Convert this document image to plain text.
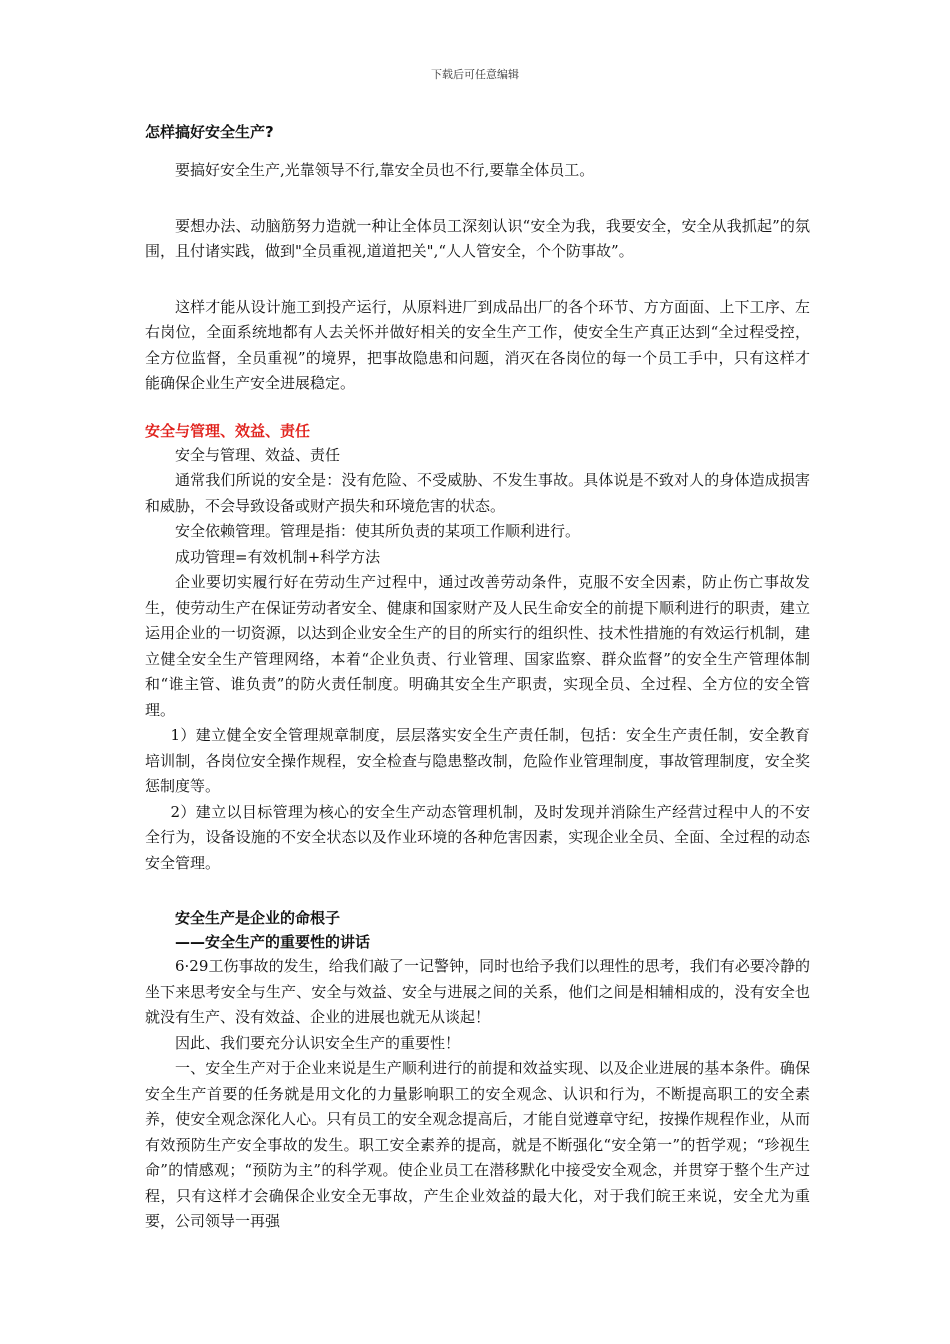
下载后可任意编辑

怎样搞好安全生产?

要搞好安全生产,光靠领导不行,靠安全员也不行,要靠全体员工。

要想办法、动脑筋努力造就一种让全体员工深刻认识“安全为我，我要安全，安全从我抓起”的氛围，且付诸实践，做到"全员重视,道道把关",“人人管安全，个个防事故”。

这样才能从设计施工到投产运行，从原料进厂到成品出厂的各个环节、方方面面、上下工序、左右岗位，全面系统地都有人去关怀并做好相关的安全生产工作，使安全生产真正达到“全过程受控，全方位监督，全员重视”的境界，把事故隐患和问题，消灭在各岗位的每一个员工手中，只有这样才能确保企业生产安全进展稳定。

安全与管理、效益、责任

安全与管理、效益、责任

通常我们所说的安全是：没有危险、不受威胁、不发生事故。具体说是不致对人的身体造成损害和威胁，不会导致设备或财产损失和环境危害的状态。

安全依赖管理。管理是指：使其所负责的某项工作顺利进行。

成功管理=有效机制+科学方法

企业要切实履行好在劳动生产过程中，通过改善劳动条件，克服不安全因素，防止伤亡事故发生，使劳动生产在保证劳动者安全、健康和国家财产及人民生命安全的前提下顺利进行的职责，建立运用企业的一切资源，以达到企业安全生产的目的所实行的组织性、技术性措施的有效运行机制，建立健全安全生产管理网络，本着“企业负责、行业管理、国家监察、群众监督”的安全生产管理体制和“谁主管、谁负责”的防火责任制度。明确其安全生产职责，实现全员、全过程、全方位的安全管理。

1）建立健全安全管理规章制度，层层落实安全生产责任制，包括：安全生产责任制，安全教育培训制，各岗位安全操作规程，安全检查与隐患整改制，危险作业管理制度，事故管理制度，安全奖惩制度等。

2）建立以目标管理为核心的安全生产动态管理机制，及时发现并消除生产经营过程中人的不安全行为，设备设施的不安全状态以及作业环境的各种危害因素，实现企业全员、全面、全过程的动态安全管理。

安全生产是企业的命根子

——安全生产的重要性的讲话

6·29工伤事故的发生，给我们敲了一记警钟，同时也给予我们以理性的思考，我们有必要冷静的坐下来思考安全与生产、安全与效益、安全与进展之间的关系，他们之间是相辅相成的，没有安全也就没有生产、没有效益、企业的进展也就无从谈起！

因此、我们要充分认识安全生产的重要性！

一、安全生产对于企业来说是生产顺利进行的前提和效益实现、以及企业进展的基本条件。确保安全生产首要的任务就是用文化的力量影响职工的安全观念、认识和行为，不断提高职工的安全素养，使安全观念深化人心。只有员工的安全观念提高后，才能自觉遵章守纪，按操作规程作业，从而有效预防生产安全事故的发生。职工安全素养的提高，就是不断强化“安全第一”的哲学观；“珍视生命”的情感观；“预防为主”的科学观。使企业员工在潜移默化中接受安全观念，并贯穿于整个生产过程，只有这样才会确保企业安全无事故，产生企业效益的最大化，对于我们皖王来说，安全尤为重要，公司领导一再强
